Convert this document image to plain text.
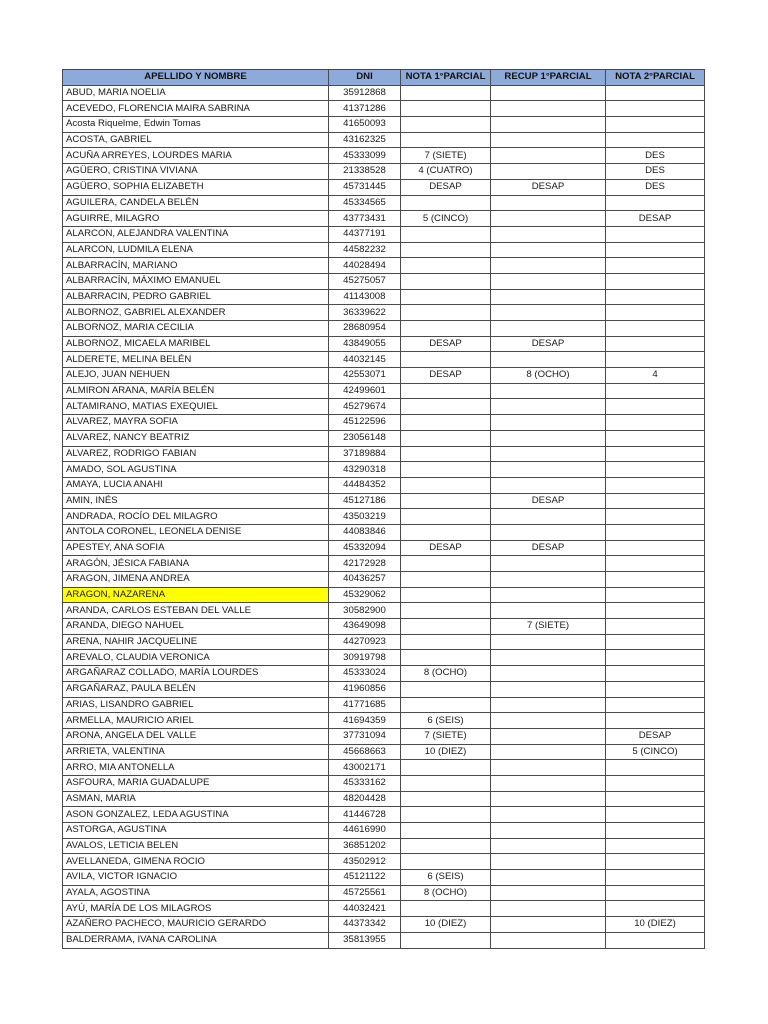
APELLIDO Y NOMBRE	DNI	NOTA 1°PARCIAL	RECUP 1°PARCIAL	NOTA 2°PARCIAL
ABUD, MARIA NOELIA	35912868			
ACEVEDO, FLORENCIA MAIRA SABRINA	41371286			
Acosta Riquelme, Edwin Tomas	41650093			
ACOSTA, GABRIEL	43162325			
ACUÑA ARREYES, LOURDES MARIA	45333099	7 (SIETE)		DES
AGÜERO, CRISTINA VIVIANA	21338528	4 (CUATRO)		DES
AGÜERO, SOPHIA ELIZABETH	45731445	DESAP	DESAP	DES
AGUILERA, CANDELA BELÉN	45334565			
AGUIRRE, MILAGRO	43773431	5 (CINCO)		DESAP
ALARCON, ALEJANDRA VALENTINA	44377191			
ALARCON, LUDMILA ELENA	44582232			
ALBARRACÍN, MARIANO	44028494			
ALBARRACÍN, MÁXIMO EMANUEL	45275057			
ALBARRACIN, PEDRO GABRIEL	41143008			
ALBORNOZ, GABRIEL ALEXANDER	36339622			
ALBORNOZ, MARIA CECILIA	28680954			
ALBORNOZ, MICAELA MARIBEL	43849055	DESAP	DESAP	
ALDERETE, MELINA BELÉN	44032145			
ALEJO, JUAN NEHUEN	42553071	DESAP	8 (OCHO)	4
ALMIRON ARANA, MARÍA BELÉN	42499601			
ALTAMIRANO, MATIAS EXEQUIEL	45279674			
ALVAREZ, MAYRA SOFIA	45122596			
ALVAREZ, NANCY BEATRIZ	23056148			
ALVAREZ, RODRIGO FABIAN	37189884			
AMADO, SOL AGUSTINA	43290318			
AMAYA, LUCIA ANAHI	44484352			
AMIN, INÉS	45127186		DESAP	
ANDRADA, ROCÍO DEL MILAGRO	43503219			
ANTOLA CORONEL, LEONELA DENISE	44083846			
APESTEY, ANA SOFIA	45332094	DESAP	DESAP	
ARAGÓN, JÉSICA FABIANA	42172928			
ARAGON, JIMENA ANDREA	40436257			
ARAGON, NAZARENA	45329062			
ARANDA, CARLOS ESTEBAN DEL VALLE	30582900			
ARANDA, DIEGO NAHUEL	43649098		7 (SIETE)	
ARENA, NAHIR JACQUELINE	44270923			
AREVALO, CLAUDIA VERONICA	30919798			
ARGAÑARAZ COLLADO, MARÍA LOURDES	45333024	8 (OCHO)		
ARGAÑARAZ, PAULA BELÉN	41960856			
ARIAS, LISANDRO GABRIEL	41771685			
ARMELLA, MAURICIO ARIEL	41694359	6 (SEIS)		
ARONA, ANGELA DEL VALLE	37731094	7 (SIETE)		DESAP
ARRIETA, VALENTINA	45668663	10 (DIEZ)		5 (CINCO)
ARRO, MIA ANTONELLA	43002171			
ASFOURA, MARIA GUADALUPE	45333162			
ASMAN, MARIA	48204428			
ASON GONZALEZ, LEDA AGUSTINA	41446728			
ASTORGA, AGUSTINA	44616990			
AVALOS, LETICIA BELEN	36851202			
AVELLANEDA, GIMENA ROCIO	43502912			
AVILA, VICTOR IGNACIO	45121122	6 (SEIS)		
AYALA, AGOSTINA	45725561	8 (OCHO)		
AYÚ, MARÍA DE LOS MILAGROS	44032421			
AZAÑERO PACHECO, MAURICIO GERARDO	44373342	10 (DIEZ)		10 (DIEZ)
BALDERRAMA, IVANA CAROLINA	35813955			
